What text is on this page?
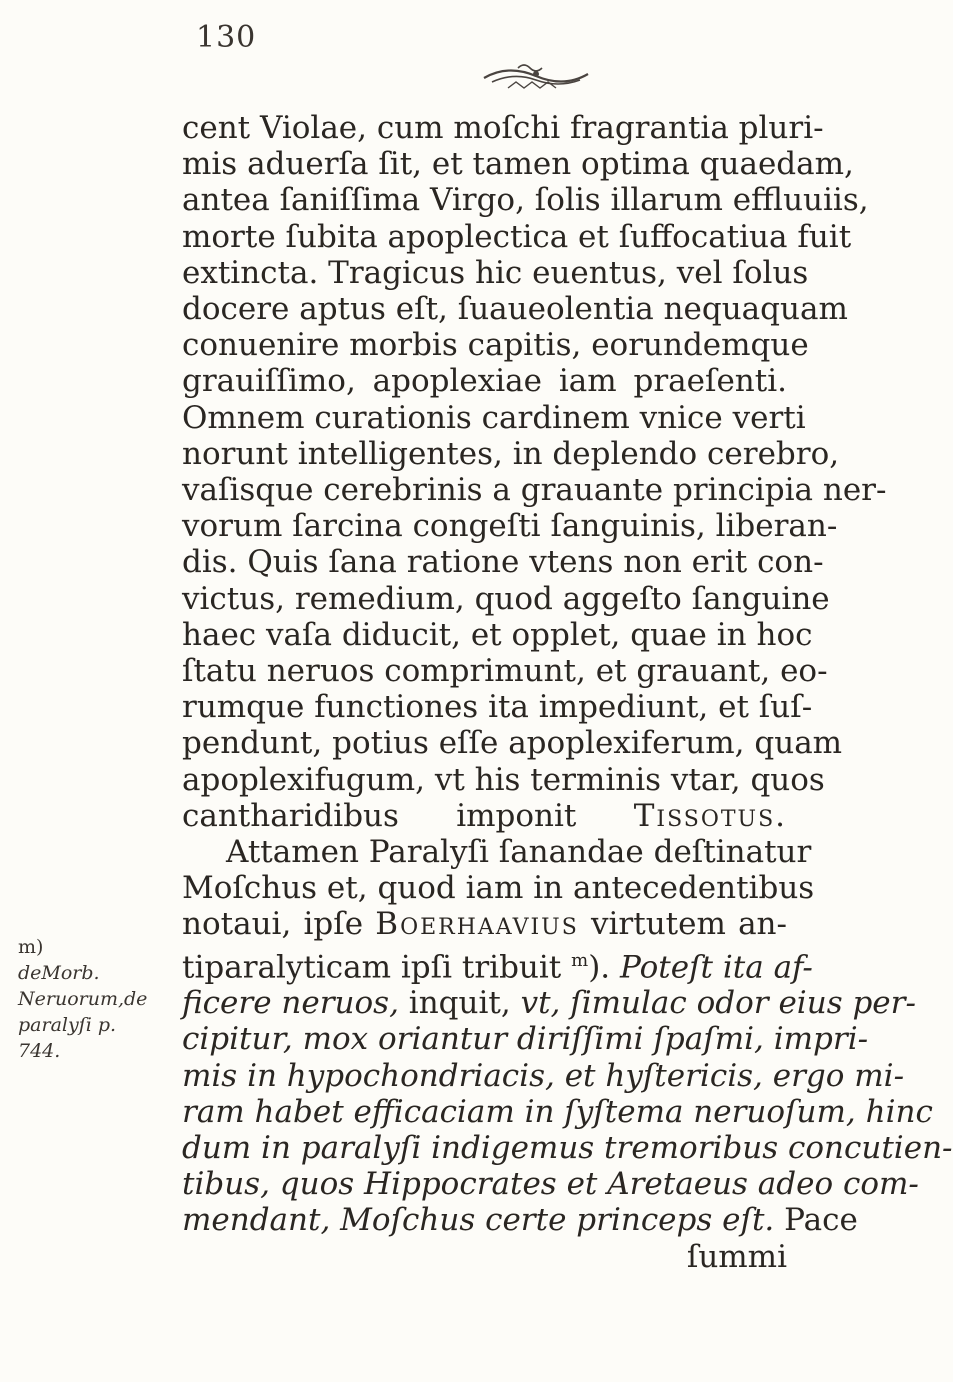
130
cent Violae, cum moſchi fragrantia pluri-
mis aduerſa ſit, et tamen optima quaedam,
antea ſaniſſima Virgo, ſolis illarum effluuiis,
morte ſubita apoplectica et ſuffocatiua fuit
extincta. Tragicus hic euentus, vel ſolus
docere aptus eſt, ſuaueolentia nequaquam
conuenire morbis capitis, eorundemque
grauiſſimo, apoplexiae iam praeſenti.
Omnem curationis cardinem vnice verti
norunt intelligentes, in deplendo cerebro,
vaſisque cerebrinis a grauante principia ner-
vorum ſarcina congeſti ſanguinis, liberan-
dis. Quis ſana ratione vtens non erit con-
victus, remedium, quod aggeſto ſanguine
haec vaſa diducit, et opplet, quae in hoc
ſtatu neruos comprimunt, et grauant, eo-
rumque functiones ita impediunt, et ſuſ-
pendunt, potius eſſe apoplexiferum, quam
apoplexifugum, vt his terminis vtar, quos
cantharidibus imponit Tissotus.
Attamen Paralyſi ſanandae deſtinatur
Moſchus et, quod iam in antecedentibus
notaui, ipſe Boerhaavius virtutem an-
tiparalyticam ipſi tribuit $^m$). Poteſt ita af-
ficere neruos, inquit, vt, ſimulac odor eius per-
cipitur, mox oriantur diriſſimi ſpaſmi, impri-
mis in hypochondriacis, et hyſtericis, ergo mi-
ram habet efficaciam in ſyſtema neruoſum, hinc
dum in paralyſi indigemus tremoribus concutien-
tibus, quos Hippocrates et Aretaeus adeo com-
mendant, Moſchus certe princeps eſt. Pace
ſummi
m)
deMorb.
Neruorum,de
paralyſi p.
744.
